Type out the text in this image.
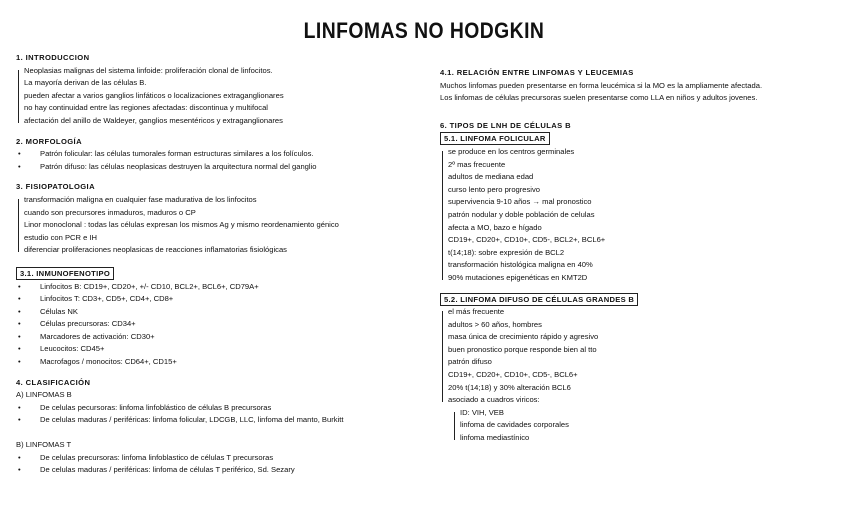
LINFOMAS NO HODGKIN

1. INTRODUCCION

Neoplasias malignas del sistema linfoide: proliferación clonal de linfocitos.

La mayoría derivan de las células B.

pueden afectar a varios ganglios linfáticos o localizaciones extraganglionares

no hay continuidad entre las regiones afectadas: discontinua y multifocal

afectación del anillo de Waldeyer, ganglios mesentéricos y extraganglionares

2. MORFOLOGÍA

• Patrón folicular: las células tumorales forman estructuras similares a los folículos.

• Patrón difuso: las células neoplasicas destruyen la arquitectura normal del ganglio

3. FISIOPATOLOGIA

transformación maligna en cualquier fase madurativa de los linfocitos

cuando son precursores inmaduros, maduros o CP

Linor monoclonal : todas las células expresan los mismos Ag y mismo reordenamiento génico

estudio con PCR e IH

diferenciar proliferaciones neoplasicas de reacciones inflamatorias fisiológicas

3.1. INMUNOFENOTIPO

• Linfocitos B: CD19+, CD20+, +/- CD10, BCL2+, BCL6+, CD79A+

• Linfocitos T: CD3+, CD5+, CD4+, CD8+

• Células NK

• Células precursoras: CD34+

• Marcadores de activación: CD30+

• Leucocitos: CD45+

• Macrofagos / monocitos: CD64+, CD15+

4. CLASIFICACIÓN

A) LINFOMAS B

• De celulas pecursoras: linfoma linfoblástico de células B precursoras

• De celulas maduras / periféricas: linfoma folicular, LDCGB, LLC, linfoma del manto, Burkitt

B) LINFOMAS T

• De celulas precursoras: linfoma linfoblastico de células T precursoras

• De celulas maduras / periféricas: linfoma de células T periférico, Sd. Sezary

4.1. RELACIÓN ENTRE LINFOMAS Y LEUCEMIAS

Muchos linfomas pueden presentarse en forma leucémica si la MO es la ampliamente afectada.

Los linfomas de células precursoras suelen presentarse como LLA en niños y adultos jovenes.

6. TIPOS DE LNH DE CÉLULAS B

5.1. LINFOMA FOLICULAR

se produce en los centros germinales

2º mas frecuente

adultos de mediana edad

curso lento pero progresivo

supervivencia 9-10 años → mal pronostico

patrón nodular y doble población de celulas

afecta a MO, bazo e hígado

CD19+, CD20+, CD10+, CD5-, BCL2+, BCL6+

t(14;18): sobre expresión de BCL2

transformación histológica maligna en 40%

90% mutaciones epigenéticas en KMT2D

5.2. LINFOMA DIFUSO DE CÉLULAS GRANDES B

el más frecuente

adultos > 60 años, hombres

masa única de crecimiento rápido y agresivo

buen pronostico porque responde bien al tto

patrón difuso

CD19+, CD20+, CD10+, CD5-, BCL6+

20% t(14;18) y 30% alteración BCL6

asociado a cuadros viricos:

ID: VIH, VEB

linfoma de cavidades corporales

linfoma mediastínico
